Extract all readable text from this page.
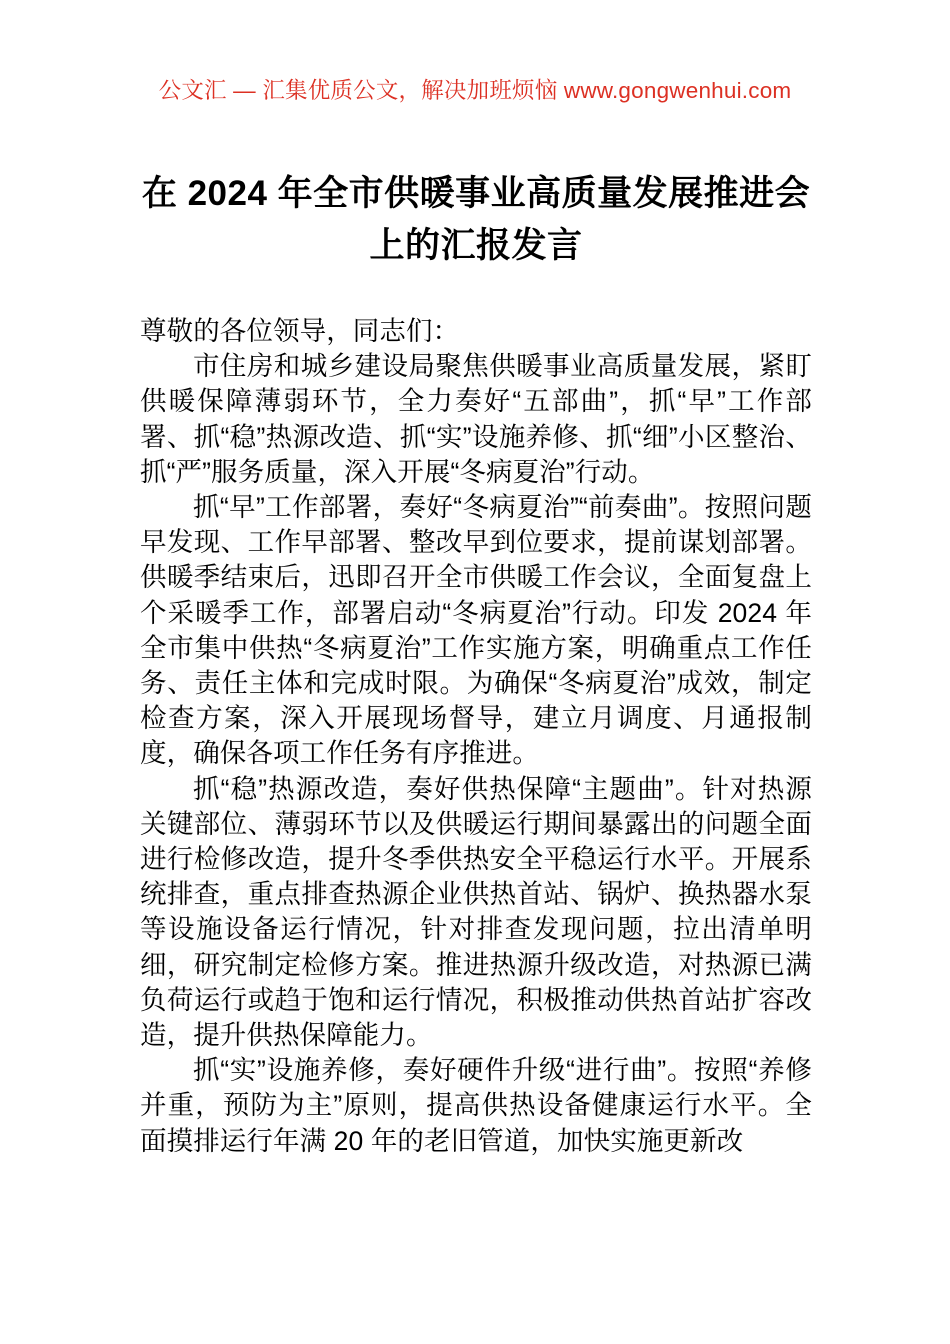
公文汇 — 汇集优质公文，解决加班烦恼 www.gongwenhui.com
在 2024 年全市供暖事业高质量发展推进会上的汇报发言

尊敬的各位领导，同志们：

市住房和城乡建设局聚焦供暖事业高质量发展，紧盯供暖保障薄弱环节，全力奏好“五部曲”，抓“早”工作部署、抓“稳”热源改造、抓“实”设施养修、抓“细”小区整治、抓“严”服务质量，深入开展“冬病夏治”行动。

抓“早”工作部署，奏好“冬病夏治”“前奏曲”。按照问题早发现、工作早部署、整改早到位要求，提前谋划部署。供暖季结束后，迅即召开全市供暖工作会议，全面复盘上个采暖季工作，部署启动“冬病夏治”行动。印发 2024 年全市集中供热“冬病夏治”工作实施方案，明确重点工作任务、责任主体和完成时限。为确保“冬病夏治”成效，制定检查方案，深入开展现场督导，建立月调度、月通报制度，确保各项工作任务有序推进。

抓“稳”热源改造，奏好供热保障“主题曲”。针对热源关键部位、薄弱环节以及供暖运行期间暴露出的问题全面进行检修改造，提升冬季供热安全平稳运行水平。开展系统排查，重点排查热源企业供热首站、锅炉、换热器水泵等设施设备运行情况，针对排查发现问题，拉出清单明细，研究制定检修方案。推进热源升级改造，对热源已满负荷运行或趋于饱和运行情况，积极推动供热首站扩容改造，提升供热保障能力。

抓“实”设施养修，奏好硬件升级“进行曲”。按照“养修并重，预防为主”原则，提高供热设备健康运行水平。全面摸排运行年满 20 年的老旧管道，加快实施更新改
